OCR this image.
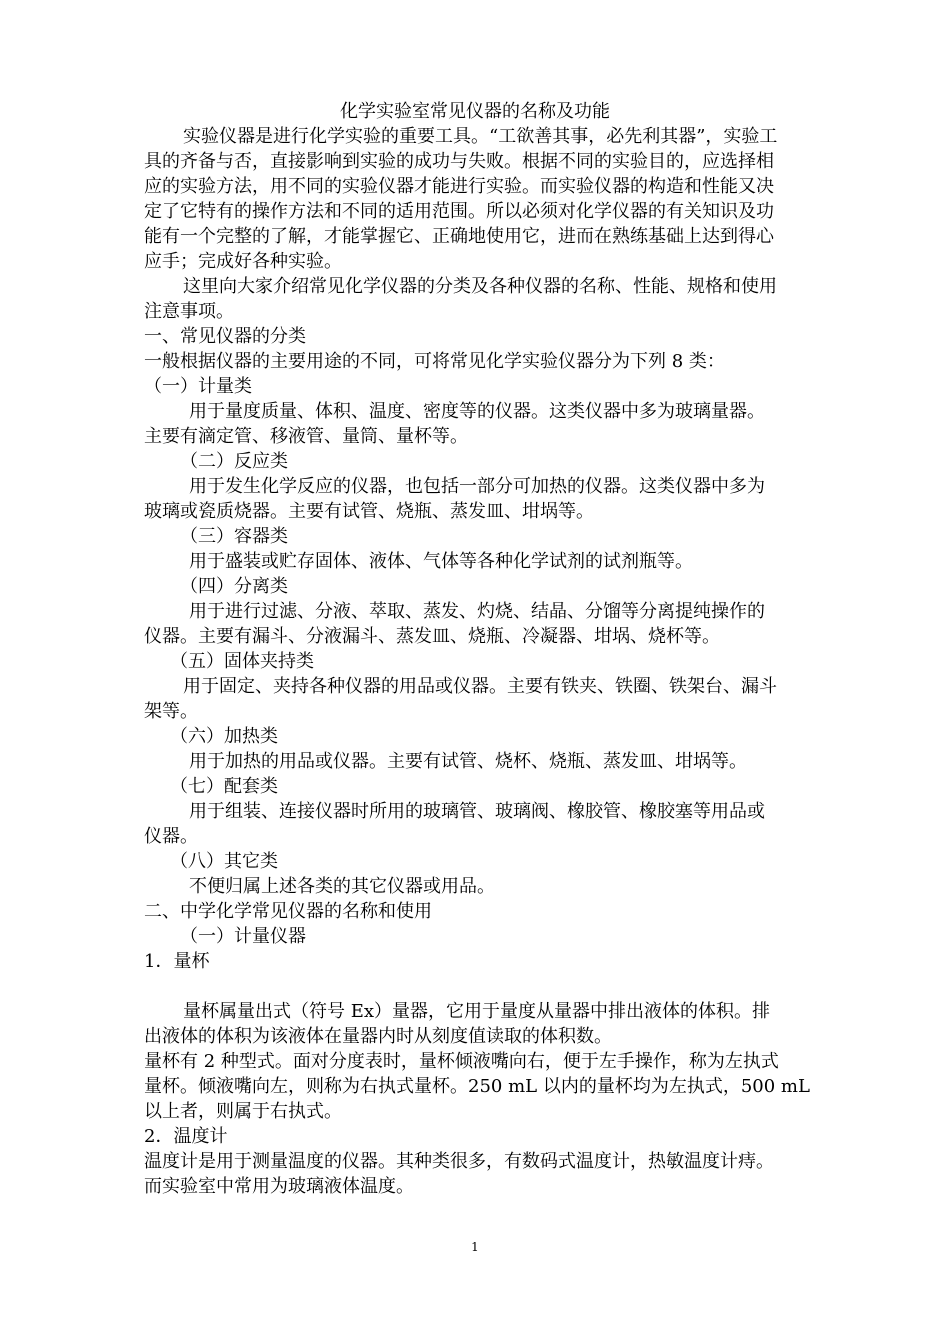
化学实验室常见仪器的名称及功能
实验仪器是进行化学实验的重要工具。“工欲善其事，必先利其器”，实验工
具的齐备与否，直接影响到实验的成功与失败。根据不同的实验目的，应选择相
应的实验方法，用不同的实验仪器才能进行实验。而实验仪器的构造和性能又决
定了它特有的操作方法和不同的适用范围。所以必须对化学仪器的有关知识及功
能有一个完整的了解，才能掌握它、正确地使用它，进而在熟练基础上达到得心
应手；完成好各种实验。
这里向大家介绍常见化学仪器的分类及各种仪器的名称、性能、规格和使用
注意事项。
一、常见仪器的分类
一般根据仪器的主要用途的不同，可将常见化学实验仪器分为下列 8 类：
（一）计量类
用于量度质量、体积、温度、密度等的仪器。这类仪器中多为玻璃量器。
主要有滴定管、移液管、量筒、量杯等。
（二）反应类
用于发生化学反应的仪器，也包括一部分可加热的仪器。这类仪器中多为
玻璃或瓷质烧器。主要有试管、烧瓶、蒸发皿、坩埚等。
（三）容器类
用于盛装或贮存固体、液体、气体等各种化学试剂的试剂瓶等。
（四）分离类
用于进行过滤、分液、萃取、蒸发、灼烧、结晶、分馏等分离提纯操作的
仪器。主要有漏斗、分液漏斗、蒸发皿、烧瓶、冷凝器、坩埚、烧杯等。
（五）固体夹持类
用于固定、夹持各种仪器的用品或仪器。主要有铁夹、铁圈、铁架台、漏斗
架等。
（六）加热类
用于加热的用品或仪器。主要有试管、烧杯、烧瓶、蒸发皿、坩埚等。
（七）配套类
用于组装、连接仪器时所用的玻璃管、玻璃阀、橡胶管、橡胶塞等用品或
仪器。
（八）其它类
不便归属上述各类的其它仪器或用品。
二、中学化学常见仪器的名称和使用
（一）计量仪器
1．量杯
量杯属量出式（符号 Ex）量器，它用于量度从量器中排出液体的体积。排
出液体的体积为该液体在量器内时从刻度值读取的体积数。
量杯有 2 种型式。面对分度表时，量杯倾液嘴向右，便于左手操作，称为左执式
量杯。倾液嘴向左，则称为右执式量杯。250 mL 以内的量杯均为左执式，500 mL
以上者，则属于右执式。
2．温度计
温度计是用于测量温度的仪器。其种类很多，有数码式温度计，热敏温度计痔。
而实验室中常用为玻璃液体温度。
1
